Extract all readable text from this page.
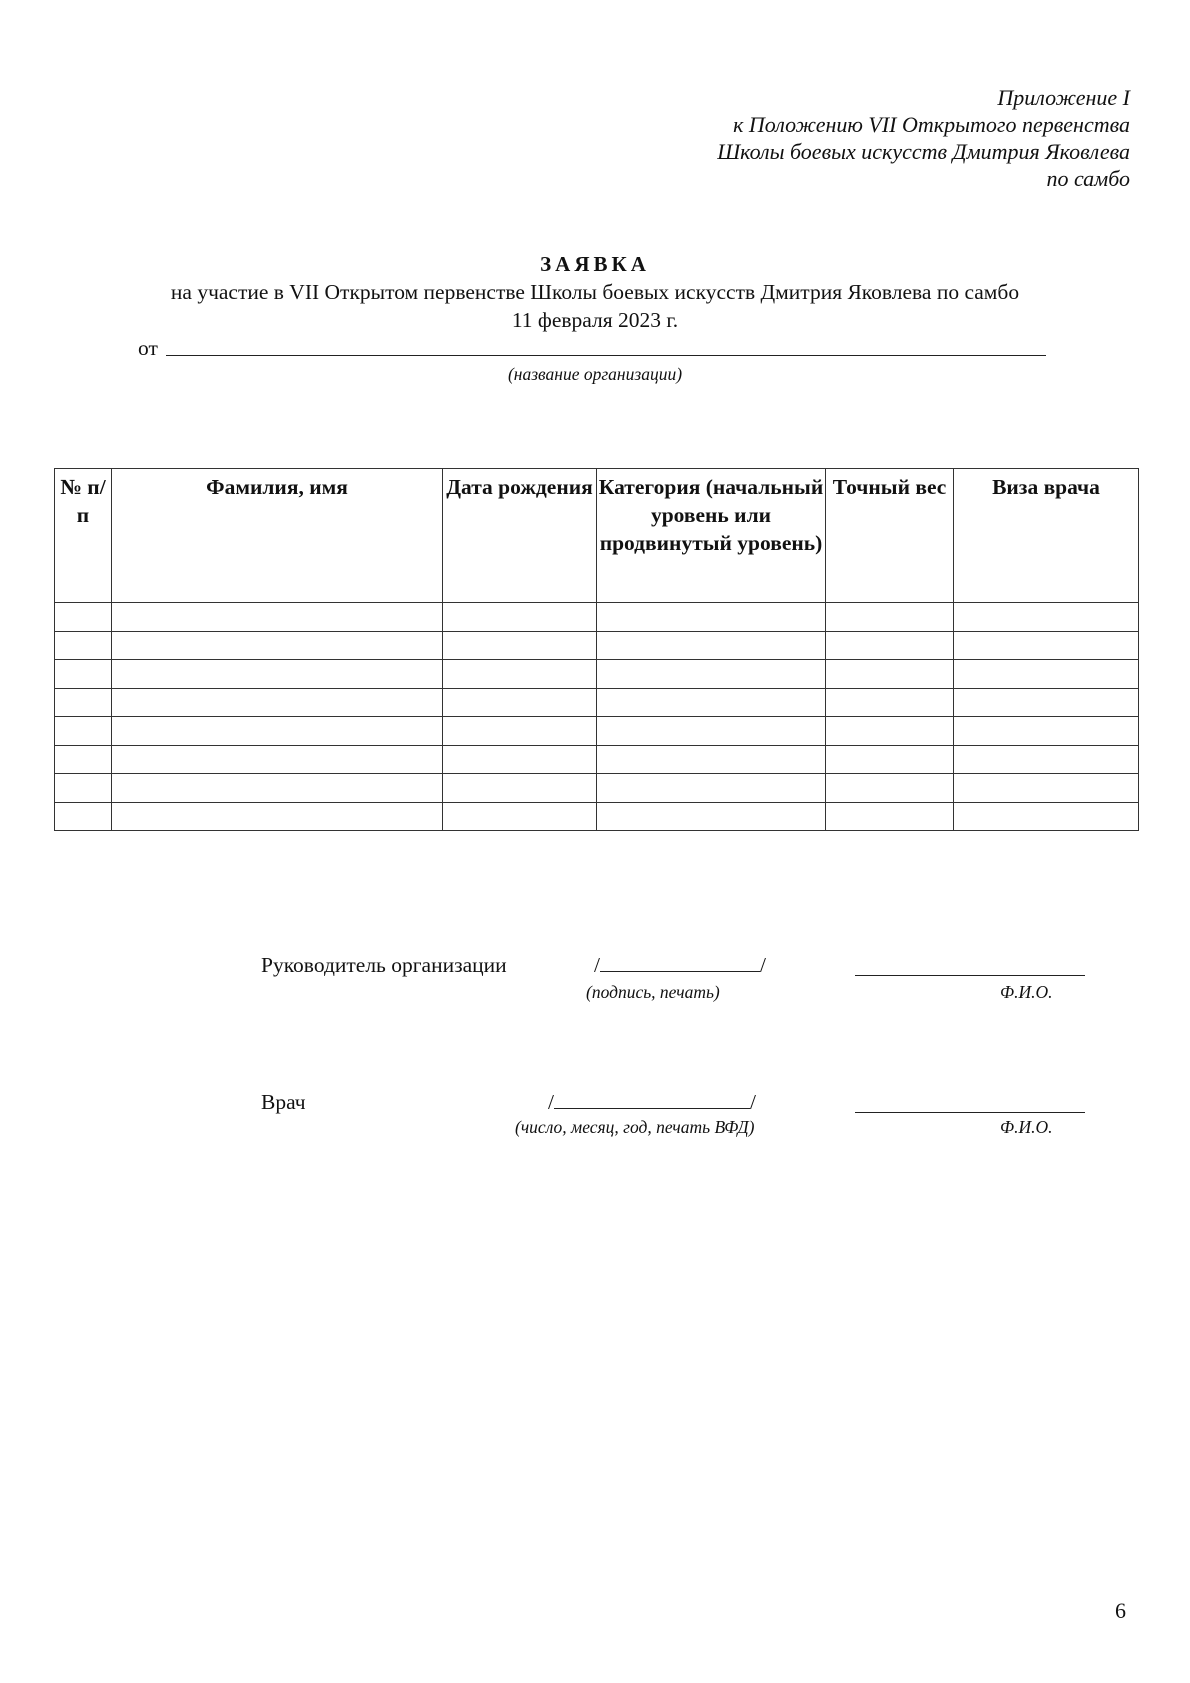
Приложение I
к Положению VII Открытого первенства
Школы боевых искусств Дмитрия Яковлева
по самбо
ЗАЯВКА
на участие в VII Открытом первенстве Школы боевых искусств Дмитрия Яковлева по самбо
11 февраля 2023 г.
от
(название организации)
№ п/п	Фамилия, имя	Дата рождения	Категория (начальный уровень или продвинутый уровень)	Точный вес	Виза врача

Руководитель организации	/	/
(подпись, печать)	Ф.И.О.
Врач	/	/
(число, месяц, год, печать ВФД)	Ф.И.О.
6
